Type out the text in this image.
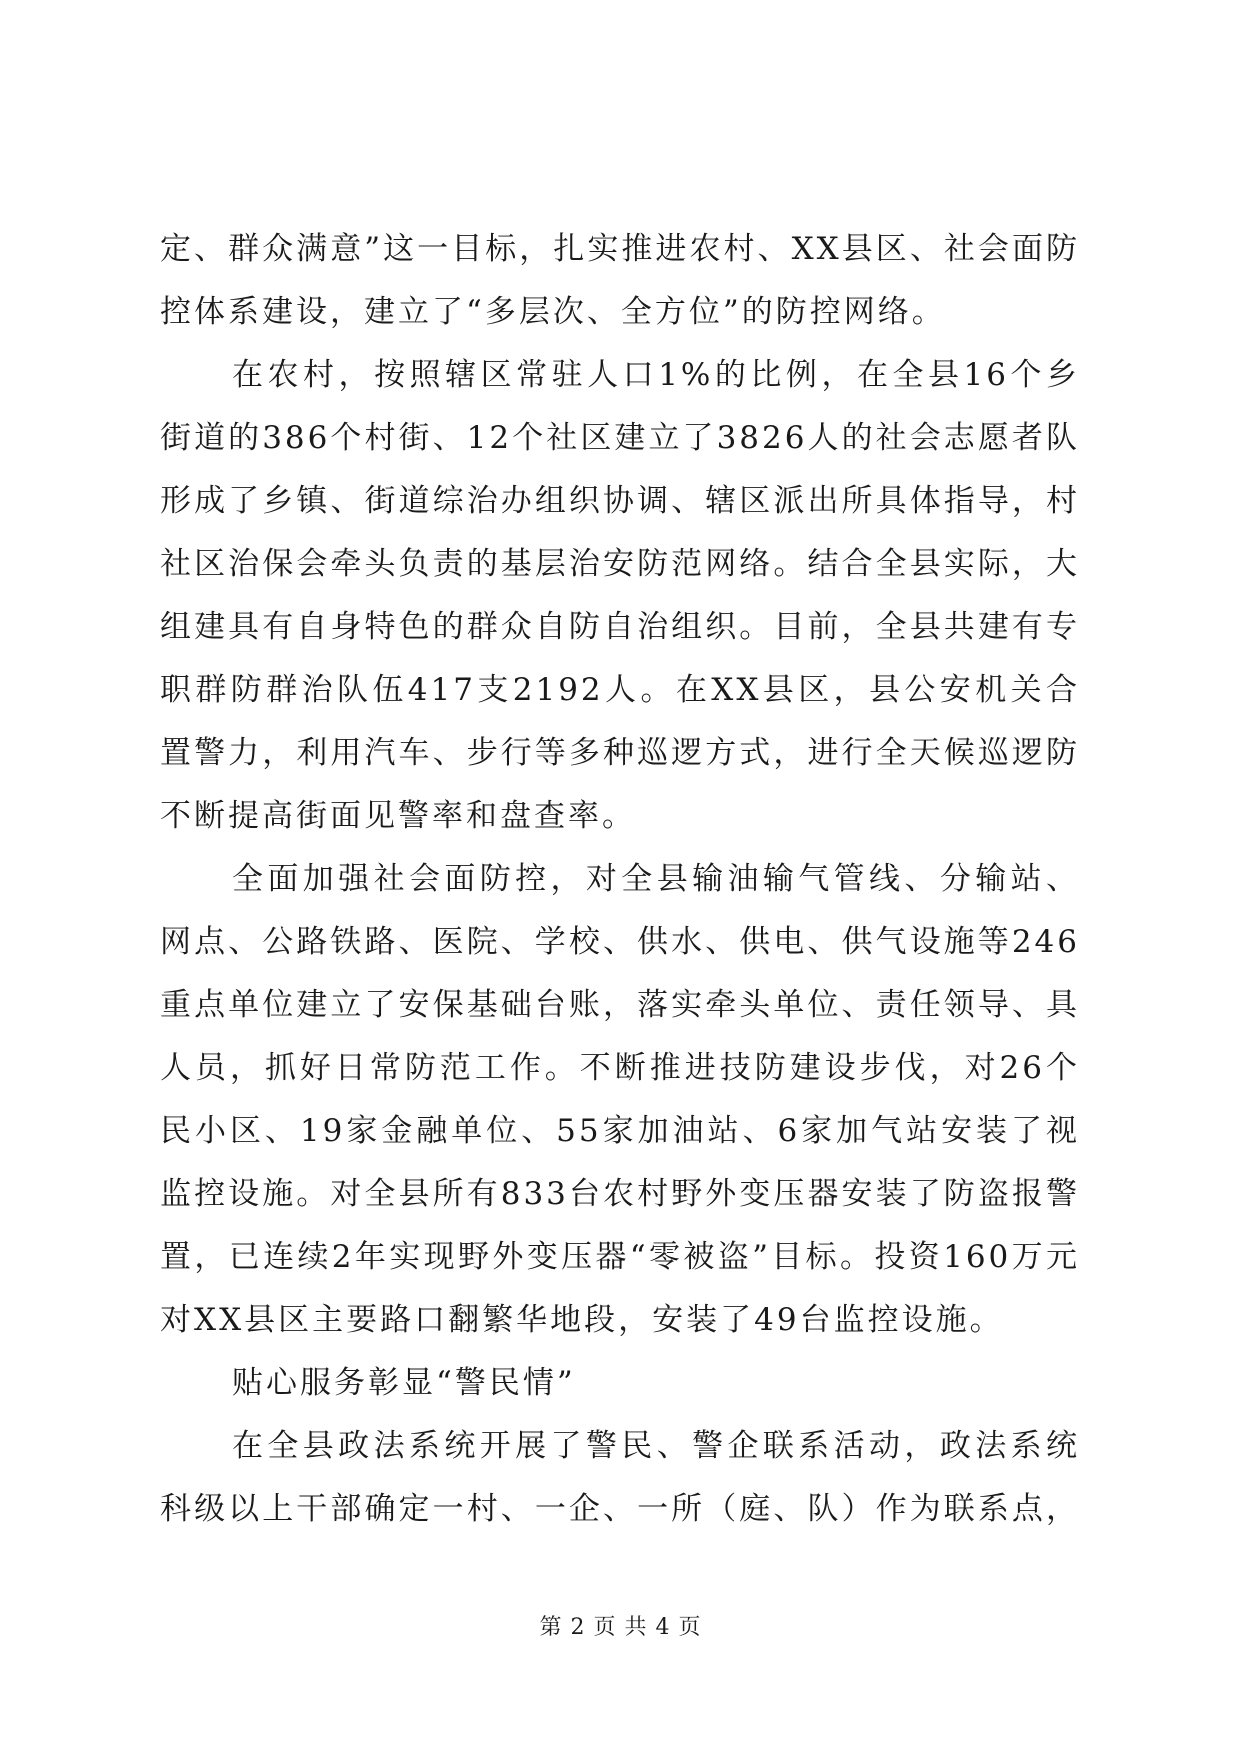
定、群众满意”这一目标，扎实推进农村、XX县区、社会面防
控体系建设，建立了“多层次、全方位”的防控网络。
在农村，按照辖区常驻人口1%的比例，在全县16个乡
街道的386个村街、12个社区建立了3826人的社会志愿者队
形成了乡镇、街道综治办组织协调、辖区派出所具体指导，村
社区治保会牵头负责的基层治安防范网络。结合全县实际，大
组建具有自身特色的群众自防自治组织。目前，全县共建有专
职群防群治队伍417支2192人。在XX县区，县公安机关合
置警力，利用汽车、步行等多种巡逻方式，进行全天候巡逻防
不断提高街面见警率和盘查率。
全面加强社会面防控，对全县输油输气管线、分输站、
网点、公路铁路、医院、学校、供水、供电、供气设施等246
重点单位建立了安保基础台账，落实牵头单位、责任领导、具
人员，抓好日常防范工作。不断推进技防建设步伐，对26个
民小区、19家金融单位、55家加油站、6家加气站安装了视
监控设施。对全县所有833台农村野外变压器安装了防盗报警
置，已连续2年实现野外变压器“零被盗”目标。投资160万元
对XX县区主要路口翻繁华地段，安装了49台监控设施。
贴心服务彰显“警民情”
在全县政法系统开展了警民、警企联系活动，政法系统
科级以上干部确定一村、一企、一所（庭、队）作为联系点，
第 2 页 共 4 页
